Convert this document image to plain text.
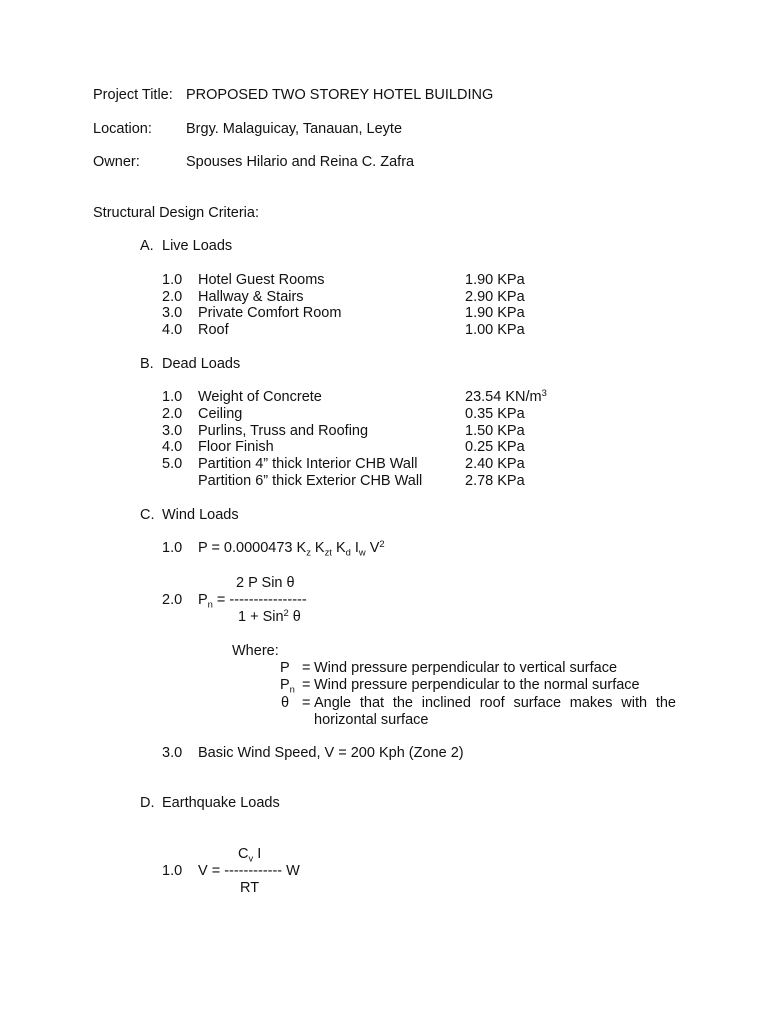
Project Title: PROPOSED TWO STOREY HOTEL BUILDING
Location: Brgy. Malaguicay, Tanauan, Leyte
Owner:	Spouses Hilario and Reina C. Zafra
Structural Design Criteria:
A. Live Loads
1.0 Hotel Guest Rooms	1.90 KPa
2.0 Hallway & Stairs	2.90 KPa
3.0 Private Comfort Room	1.90 KPa
4.0 Roof	1.00 KPa
B. Dead Loads
1.0 Weight of Concrete	23.54 $KN/m^3$
2.0 Ceiling	0.35 KPa
3.0 Purlins, Truss and Roofing	1.50 KPa
4.0 Floor Finish	0.25 KPa
5.0 Partition 4” thick Interior CHB Wall	2.40 KPa
Partition 6” thick Exterior CHB Wall	2.78 KPa
C. Wind Loads
1.0 P = 0.0000473 $K_z$ $K_{zt}$ $K_d$ $I_w$ $V^2$
2 P Sin θ
2.0 $P_n$ = ----------------
1 + Sin$^2$ θ
Where:
P = Wind pressure perpendicular to vertical surface
$P_n$ = Wind pressure perpendicular to the normal surface
θ = Angle that the inclined roof surface makes with the horizontal surface
3.0 Basic Wind Speed, V = 200 Kph (Zone 2)
D. Earthquake Loads
$C_v$ I
1.0 V = ------------ W
RT
